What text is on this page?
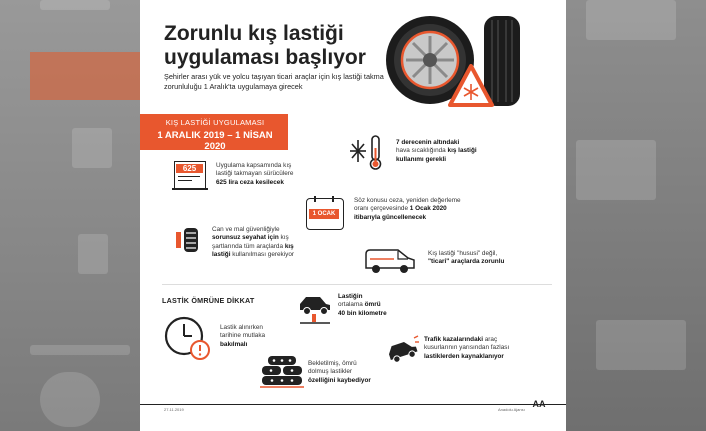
Zorunlu kış lastiği uygulaması başlıyor
Şehirler arası yük ve yolcu taşıyan ticari araçlar için kış lastiği takma zorunluluğu 1 Aralık'ta uygulamaya girecek
KIŞ LASTİĞİ UYGULAMASI
1 ARALIK 2019 – 1 NİSAN 2020	7 derecenin altındaki
hava sıcaklığında kış lastiği
kullanımı gerekli
625	Uygulama kapsamında kış
lastiği takmayan sürücülere
625 lira ceza kesilecek
1 OCAK
Söz konusu ceza, yeniden değerleme
oranı çerçevesinde 1 Ocak 2020
itibarıyla güncellenecek
Can ve mal güvenliğiyle
sorunsuz seyahat için kış
şartlarında tüm araçlarda kış
lastiği kullanılması gerekiyor	Kış lastiği "hususi" değil,
"ticari" araçlarda zorunlu
LASTİK ÖMRÜNE DİKKAT	Lastiğin
ortalama ömrü
40 bin kilometre
Lastik alınırken
tarihine mutlaka
bakılmalı
Trafik kazalarındaki araç
kusurlarının yarısından fazlası
lastiklerden kaynaklanıyor
Bekletilmiş, ömrü
dolmuş lastikler
özelliğini kaybediyor
27.11.2019	Anadolu Ajansı
AA
